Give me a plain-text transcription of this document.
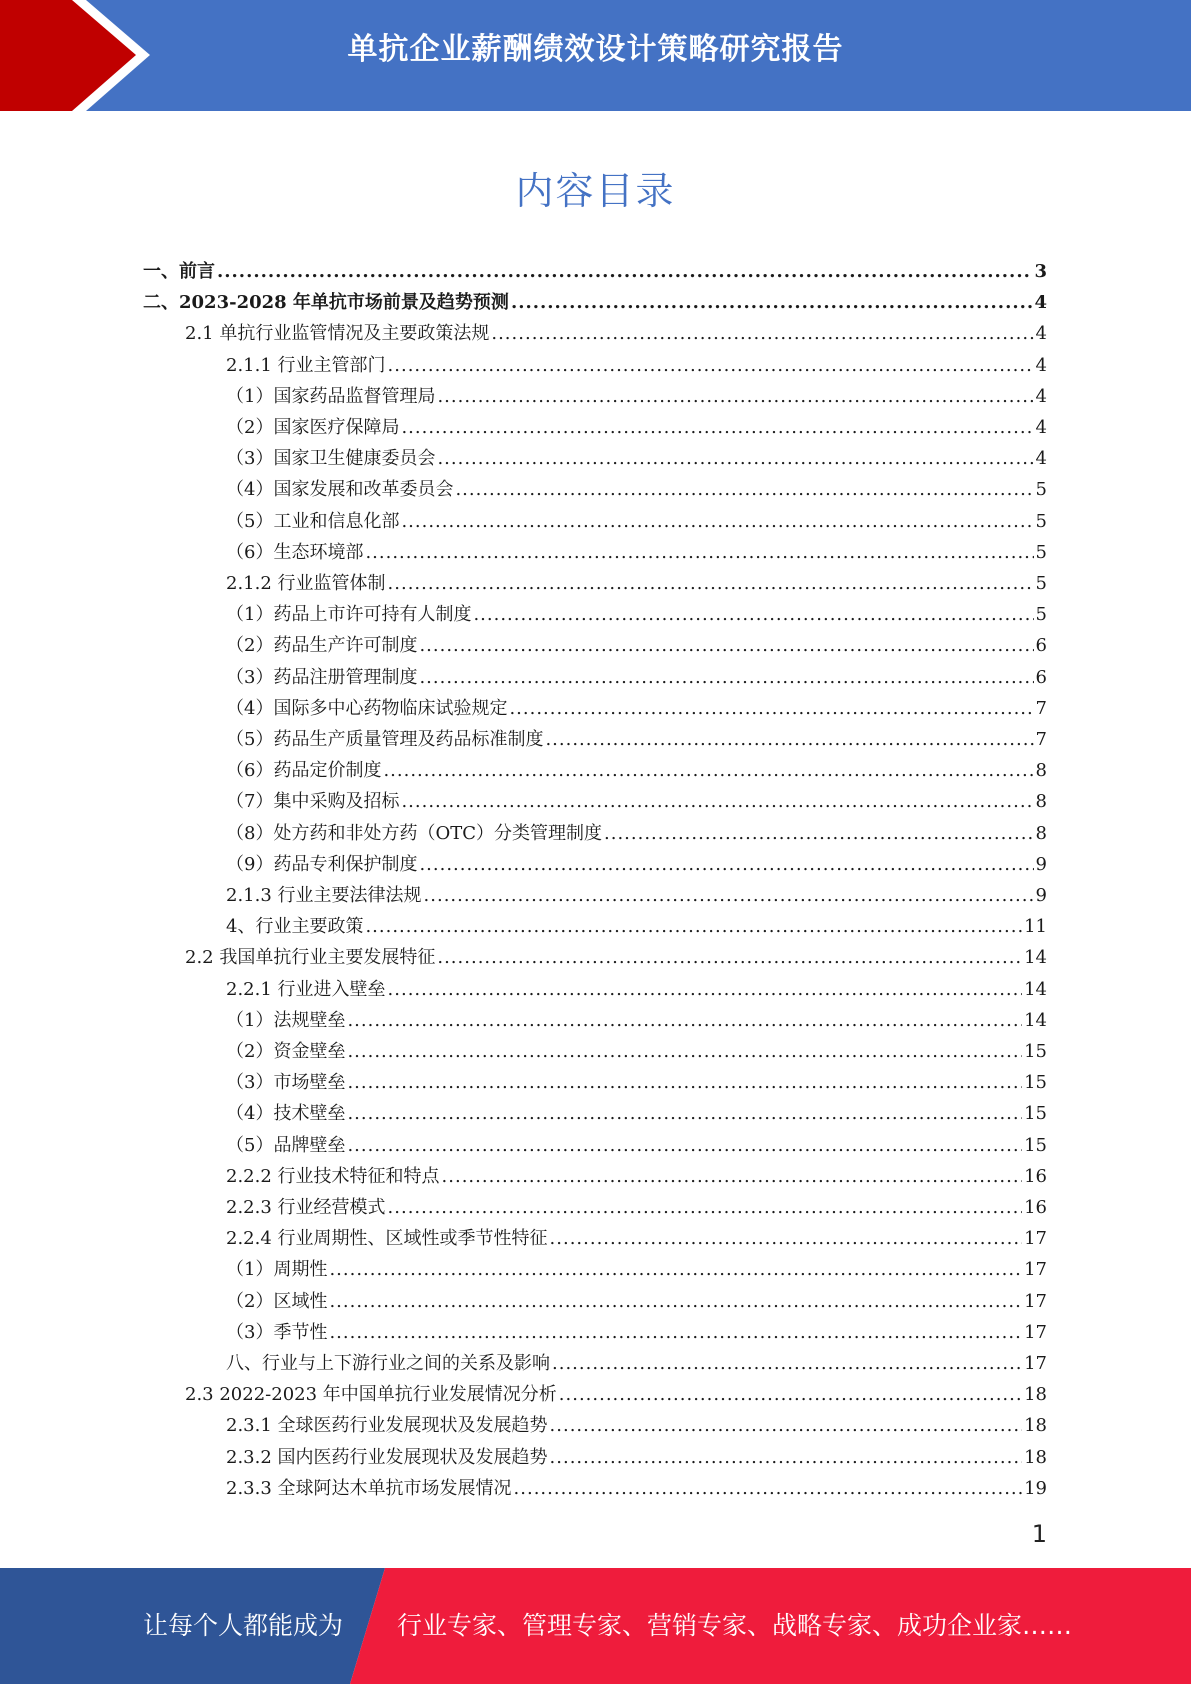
单抗企业薪酬绩效设计策略研究报告
内容目录
一、前言 .....	3
二、2023-2028 年单抗市场前景及趋势预测 .....	4
2.1 单抗行业监管情况及主要政策法规 .....	4
2.1.1 行业主管部门 .....	4
（1）国家药品监督管理局 .....	4
（2）国家医疗保障局 .....	4
（3）国家卫生健康委员会 .....	4
（4）国家发展和改革委员会 .....	5
（5）工业和信息化部 .....	5
（6）生态环境部 .....	5
2.1.2 行业监管体制 .....	5
（1）药品上市许可持有人制度 .....	5
（2）药品生产许可制度 .....	6
（3）药品注册管理制度 .....	6
（4）国际多中心药物临床试验规定 .....	7
（5）药品生产质量管理及药品标准制度 .....	7
（6）药品定价制度 .....	8
（7）集中采购及招标 .....	8
（8）处方药和非处方药（OTC）分类管理制度 .....	8
（9）药品专利保护制度 .....	9
2.1.3 行业主要法律法规 .....	9
4、行业主要政策 .....	11
2.2 我国单抗行业主要发展特征 .....	14
2.2.1 行业进入壁垒 .....	14
（1）法规壁垒 .....	14
（2）资金壁垒 .....	15
（3）市场壁垒 .....	15
（4）技术壁垒 .....	15
（5）品牌壁垒 .....	15
2.2.2 行业技术特征和特点 .....	16
2.2.3 行业经营模式 .....	16
2.2.4 行业周期性、区域性或季节性特征 .....	17
（1）周期性 .....	17
（2）区域性 .....	17
（3）季节性 .....	17
八、行业与上下游行业之间的关系及影响 .....	17
2.3 2022-2023 年中国单抗行业发展情况分析 .....	18
2.3.1 全球医药行业发展现状及发展趋势 .....	18
2.3.2 国内医药行业发展现状及发展趋势 .....	18
2.3.3 全球阿达木单抗市场发展情况 .....	19
1
让每个人都能成为 行业专家、管理专家、营销专家、战略专家、成功企业家……
